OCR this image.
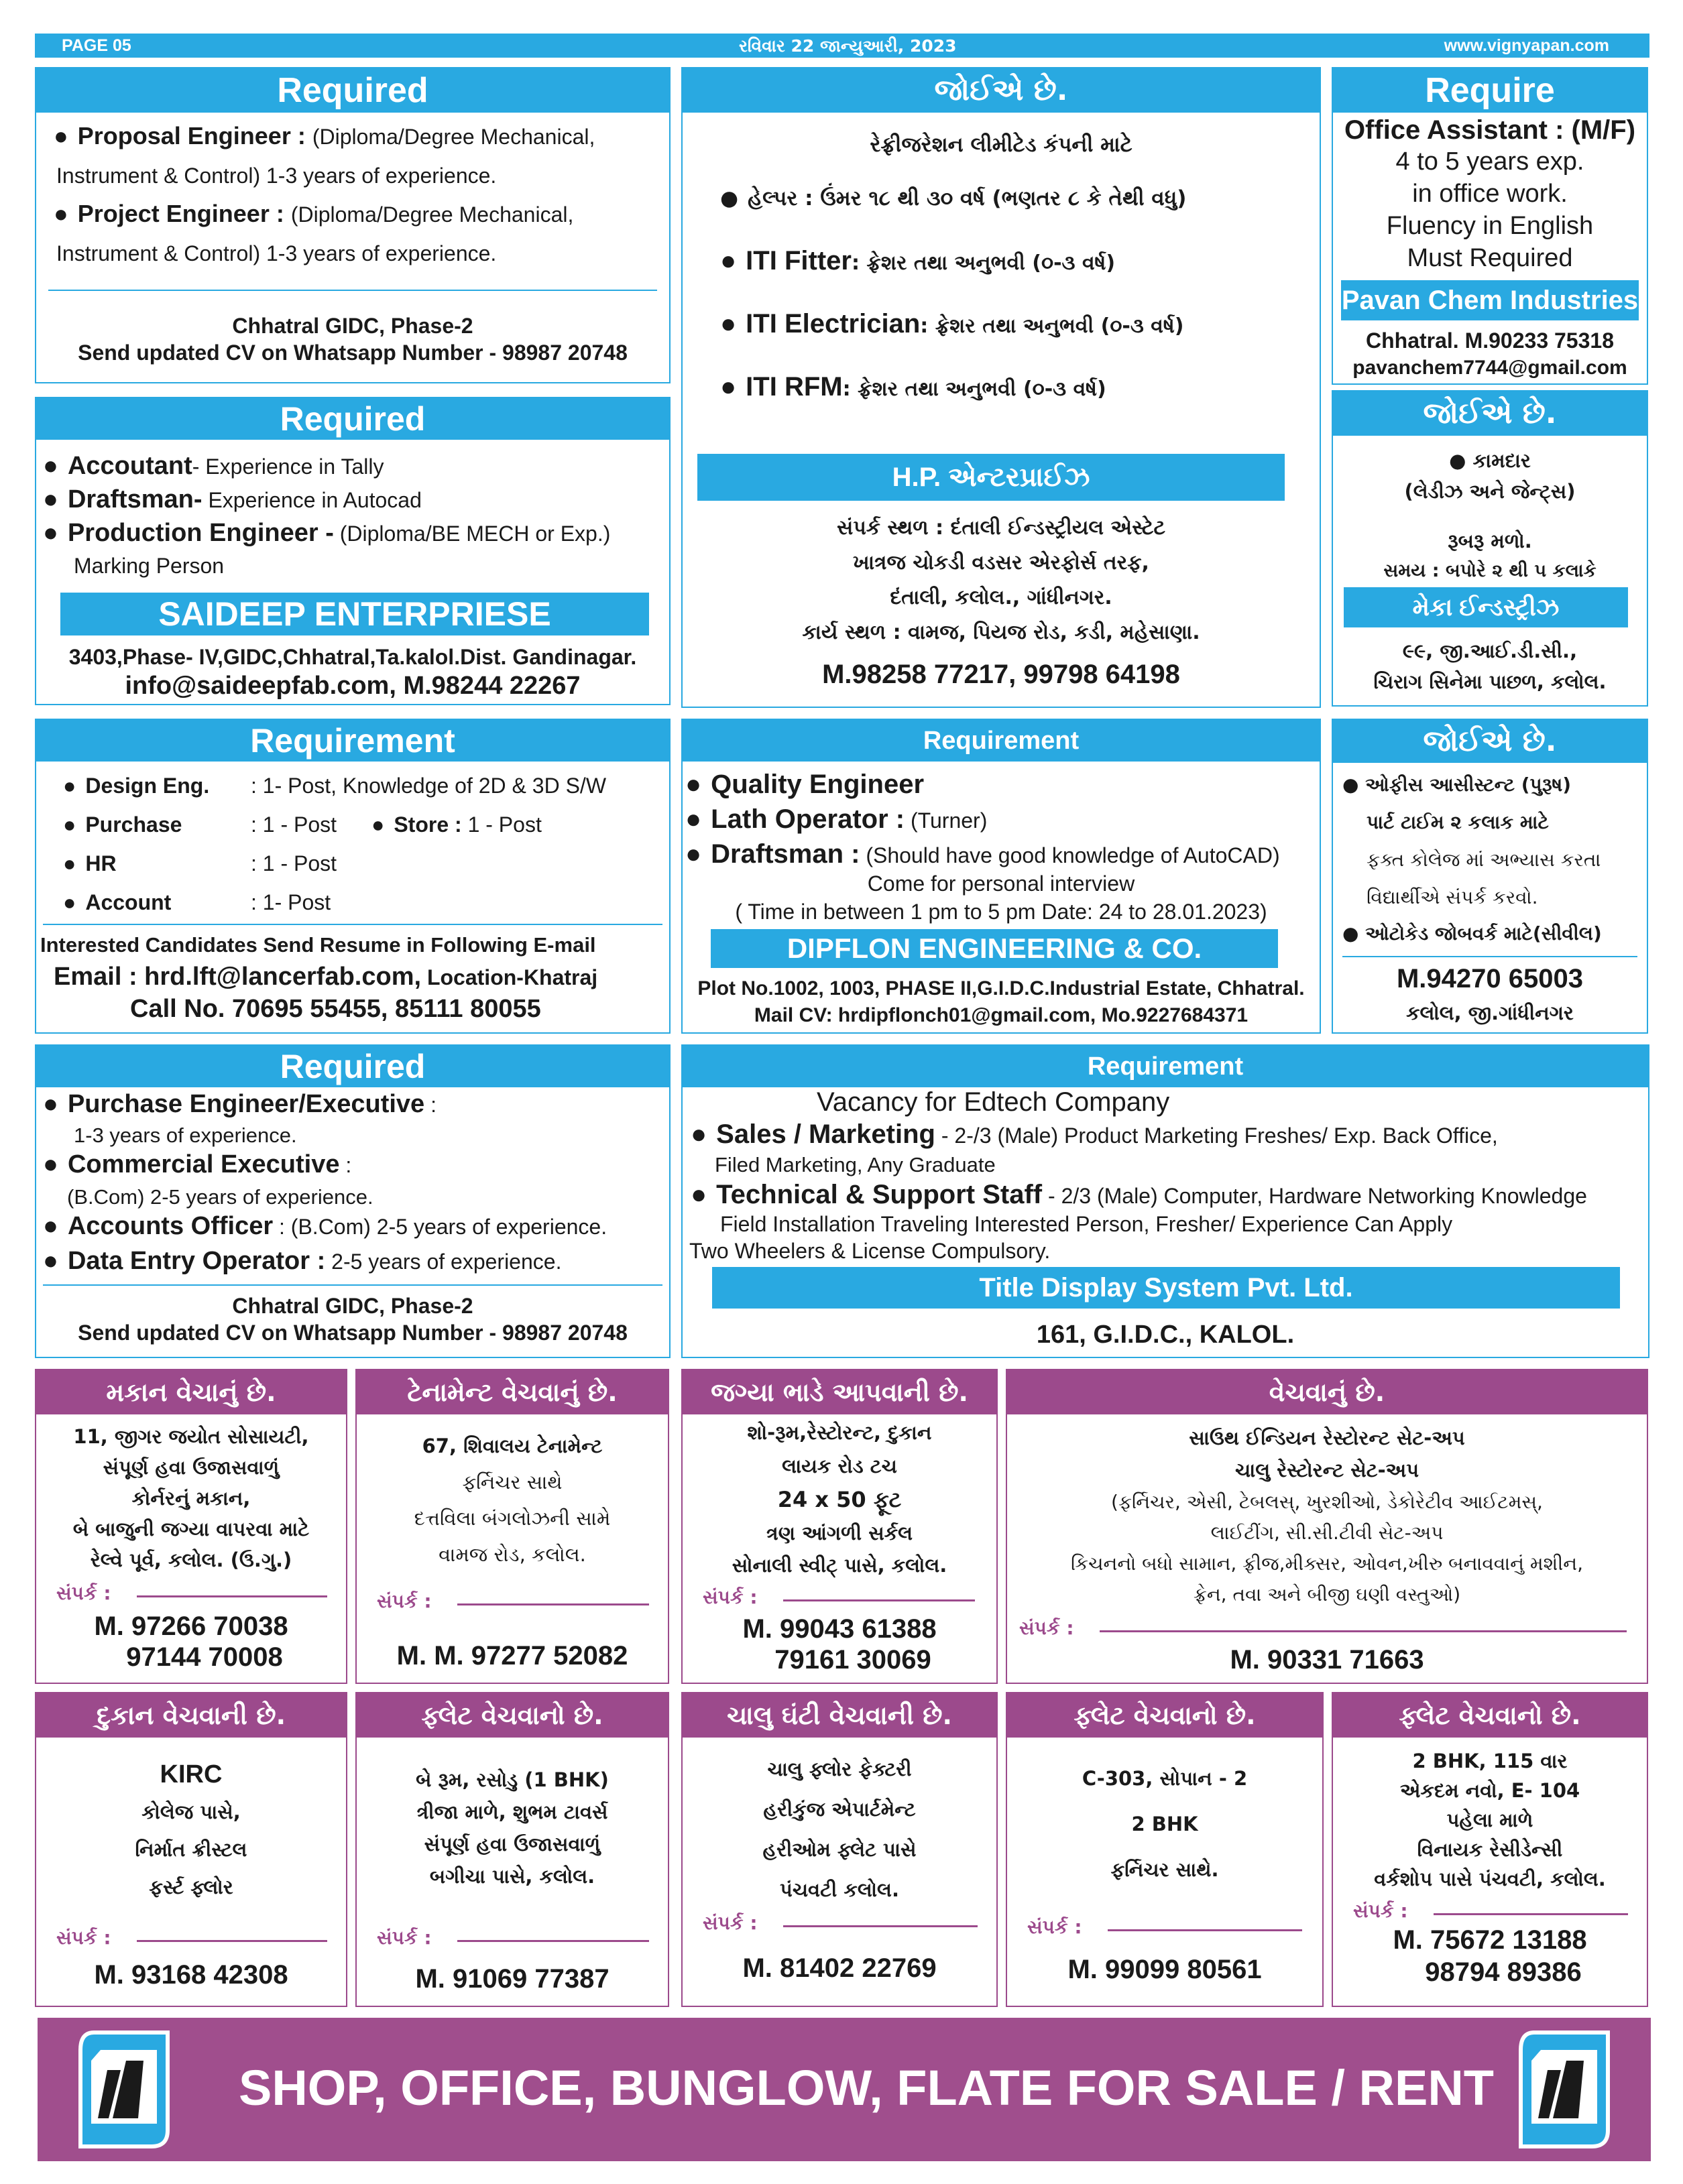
PAGE 05	રવિવાર 22 જાન્યુઆરી, 2023	www.vignyapan.com
Required
● Proposal Engineer : (Diploma/Degree Mechanical,
Instrument & Control) 1-3 years of experience.
● Project Engineer : (Diploma/Degree Mechanical,
Instrument & Control) 1-3 years of experience.
Chhatral GIDC, Phase-2
Send updated CV on Whatsapp Number - 98987 20748
જોઈએ છે.
રેફ્રીજરેશન લીમીટેડ કંપની માટે
● હેલ્પર : ઉંમર ૧૮ થી ૩૦ વર્ષ (ભણતર ૮ કે તેથી વધુ)
● ITI Fitter: ફ્રેશર તથા અનુભવી (૦-૩ વર્ષ)
● ITI Electrician: ફ્રેશર તથા અનુભવી (૦-૩ વર્ષ)
● ITI RFM: ફ્રેશર તથા અનુભવી (૦-૩ વર્ષ)
H.P. એન્ટરપ્રાઈઝ
સંપર્ક સ્થળ : દંતાલી ઈન્ડસ્ટ્રીયલ એસ્ટેટ
ખાત્રજ ચોકડી વડસર એરફોર્સ તરફ,
દંતાલી, કલોલ., ગાંધીનગર.
કાર્ય સ્થળ : વામજ, પિયજ રોડ, કડી, મહેસાણા.
M.98258 77217, 99798 64198
Require
Office Assistant : (M/F)
4 to 5 years exp.
in office work.
Fluency in English
Must Required
Pavan Chem Industries
Chhatral. M.90233 75318
pavanchem7744@gmail.com
Required
● Accoutant- Experience in Tally
● Draftsman- Experience in Autocad
● Production Engineer - (Diploma/BE MECH or Exp.)
Marking Person
SAIDEEP ENTERPRIESE
3403,Phase- IV,GIDC,Chhatral,Ta.kalol.Dist. Gandinagar.
info@saideepfab.com, M.98244 22267
જોઈએ છે.
● કામદાર
(લેડીઝ અને જેન્ટ્સ)
રૂબરૂ મળો.
સમય : બપોરે ૨ થી ૫ કલાકે
મેકા ઈન્ડસ્ટ્રીઝ
૯૯, જી.આઈ.ડી.સી.,
ચિરાગ સિનેમા પાછળ, કલોલ.
Requirement
● Design Eng. : 1- Post, Knowledge of 2D & 3D S/W
● Purchase	: 1 - Post
●	Store : 1 - Post
● HR	: 1 - Post
● Account	: 1- Post
Interested Candidates Send Resume in Following E-mail
Email : hrd.lft@lancerfab.com, Location-Khatraj
Call No. 70695 55455, 85111 80055
Requirement
● Quality Engineer
● Lath Operator : (Turner)
● Draftsman : (Should have good knowledge of AutoCAD)
Come for personal interview
( Time in between 1 pm to 5 pm Date: 24 to 28.01.2023)
DIPFLON ENGINEERING & CO.
Plot No.1002, 1003, PHASE II,G.I.D.C.Industrial Estate, Chhatral.
Mail CV: hrdipflonch01@gmail.com, Mo.9227684371
જોઈએ છે.
● ઓફીસ આસીસ્ટન્ટ (પુરૂષ)
પાર્ટ ટાઈમ ૨ કલાક માટે
ફક્ત કોલેજ માં અભ્યાસ કરતા
વિદ્યાર્થીએ સંપર્ક કરવો.
● ઓટોકેડ જોબવર્ક માટે(સીવીલ)
M.94270 65003
કલોલ, જી.ગાંધીનગર
Required
● Purchase Engineer/Executive :
1-3 years of experience.
● Commercial Executive :
(B.Com) 2-5 years of experience.
● Accounts Officer : (B.Com) 2-5 years of experience.
● Data Entry Operator : 2-5 years of experience.
Chhatral GIDC, Phase-2
Send updated CV on Whatsapp Number - 98987 20748
Requirement
Vacancy for Edtech Company
● Sales / Marketing - 2-/3 (Male) Product Marketing Freshes/ Exp. Back Office,
Filed Marketing, Any Graduate
● Technical & Support Staff - 2/3 (Male) Computer, Hardware Networking Knowledge
Field Installation Traveling Interested Person, Fresher/ Experience Can Apply
Two Wheelers & License Compulsory.
Title Display System Pvt. Ltd.
161, G.I.D.C., KALOL.
મકાન વેચાનું છે.
11, જીગર જયોત સોસાયટી,
સંપૂર્ણ હવા ઉજાસવાળું
કોર્નરનું મકાન,
બે બાજુની જગ્યા વાપરવા માટે
રેલ્વે પૂર્વ, કલોલ. (ઉ.ગુ.)
સંપર્ક :
M. 97266 70038
97144 70008
ટેનામેન્ટ વેચવાનું છે.
67, શિવાલય ટેનામેન્ટ
ફર્નિચર સાથે
દત્તવિલા બંગલોઝની સામે
વામજ રોડ, કલોલ.
સંપર્ક :
M. M. 97277 52082
જગ્યા ભાડે આપવાની છે.
શો-રૂમ,રેસ્ટોરન્ટ, દુકાન
લાયક રોડ ટચ
24 x 50 ફૂટ
ત્રણ આંગળી સર્કલ
સોનાલી સ્વીટ્ પાસે, કલોલ.
સંપર્ક :
M. 99043 61388
79161 30069
વેચવાનું છે.
સાઉથ ઈન્ડિયન રેસ્ટોરન્ટ સેટ-અપ
ચાલુ રેસ્ટોરન્ટ સેટ-અપ
(ફર્નિચર, એસી, ટેબલસ્, ખુરશીઓ, ડેકોરેટીવ આઈટમસ્,
લાઈટીંગ, સી.સી.ટીવી સેટ-અપ
કિચનનો બધો સામાન, ફ્રીજ,મીક્સર, ઓવન,ખીરુ બનાવવાનું મશીન,
ફ્રેન, તવા અને બીજી ઘણી વસ્તુઓ)
સંપર્ક :
M. 90331 71663
દુકાન વેચવાની છે.
KIRC
કોલેજ પાસે,
નિર્માત ક્રીસ્ટલ
ફર્સ્ટ ફ્લોર
સંપર્ક :
M. 93168 42308
ફ્લેટ વેચવાનો છે.
બે રૂમ, રસોડુ (1 BHK)
ત્રીજા માળે, શુભમ ટાવર્સ
સંપૂર્ણ હવા ઉજાસવાળું
બગીચા પાસે, કલોલ.
સંપર્ક :
M. 91069 77387
ચાલુ ઘંટી વેચવાની છે.
ચાલુ ફ્લોર ફેક્ટરી
હરીકુંજ એપાર્ટમેન્ટ
હરીઓમ ફ્લેટ પાસે
પંચવટી કલોલ.
સંપર્ક :
M. 81402 22769
ફ્લેટ વેચવાનો છે.
C-303, સોપાન - 2
2 BHK
ફર્નિચર સાથે.
સંપર્ક :
M. 99099 80561
ફ્લેટ વેચવાનો છે.
2 BHK, 115 વાર
એકદમ નવો, E- 104
પહેલા માળે
વિનાયક રેસીડેન્સી
વર્કશોપ પાસે પંચવટી, કલોલ.
સંપર્ક :
M. 75672 13188
98794 89386
SHOP, OFFICE, BUNGLOW, FLATE FOR SALE / RENT
